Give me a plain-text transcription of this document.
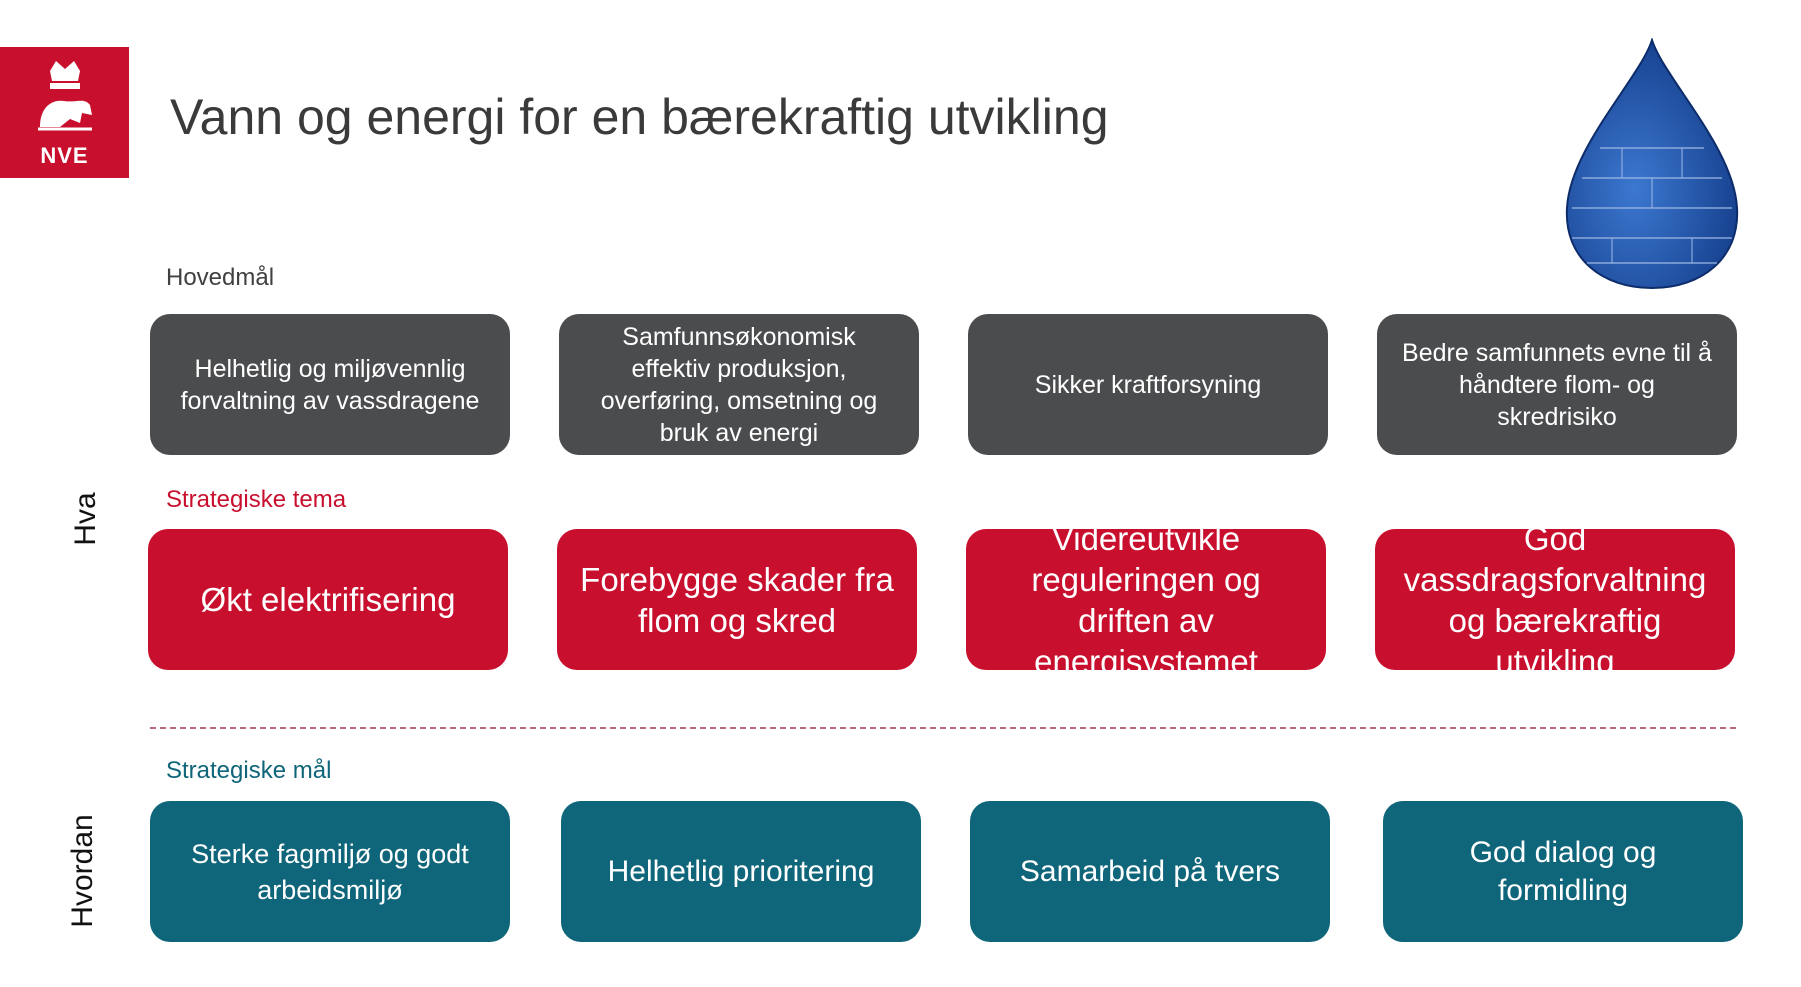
NVE
Vann og energi for en bærekraftig utvikling
Hovedmål
Helhetlig og miljøvennlig forvaltning av vassdragene
Samfunnsøkonomisk effektiv produksjon, overføring, omsetning og bruk av energi
Sikker kraftforsyning
Bedre samfunnets evne til å håndtere flom- og skredrisiko
Hva	Strategiske tema
Økt elektrifisering
Forebygge skader fra flom og skred
Videreutvikle reguleringen og driften av energisystemet
God vassdragsforvaltning og bærekraftig utvikling
Strategiske mål
Hvordan	Sterke fagmiljø og godt arbeidsmiljø
Helhetlig prioritering	Samarbeid på tvers
God dialog og formidling
